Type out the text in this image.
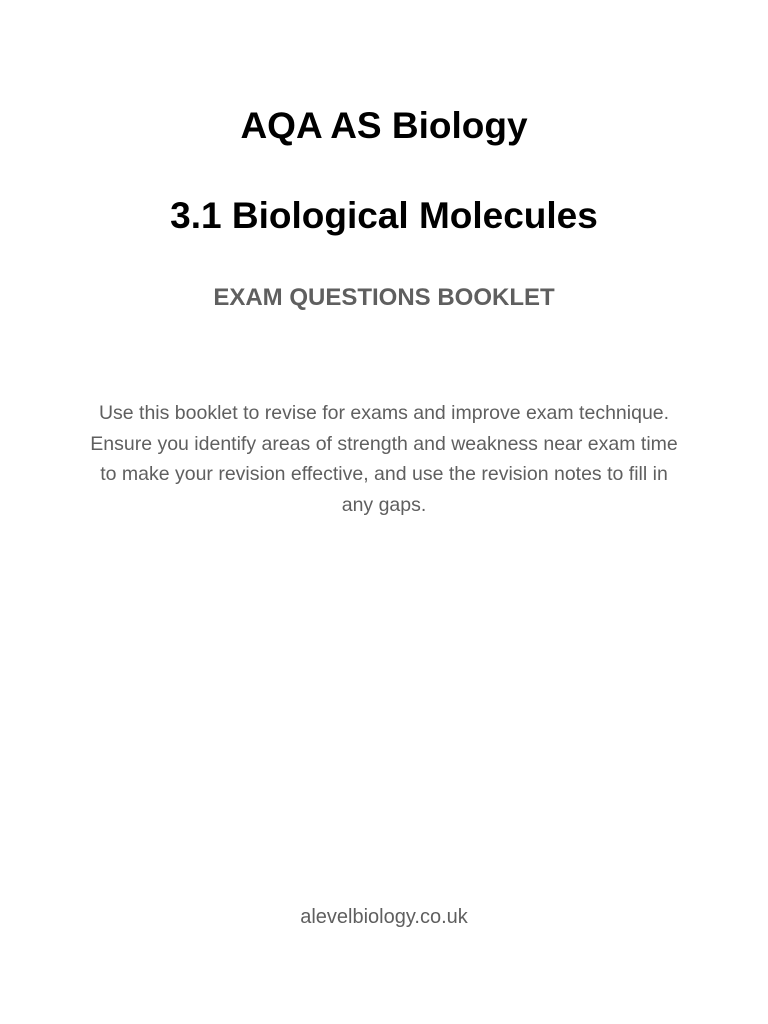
AQA AS Biology
3.1 Biological Molecules
EXAM QUESTIONS BOOKLET

Use this booklet to revise for exams and improve exam technique. Ensure you identify areas of strength and weakness near exam time to make your revision effective, and use the revision notes to fill in any gaps.

alevelbiology.co.uk
